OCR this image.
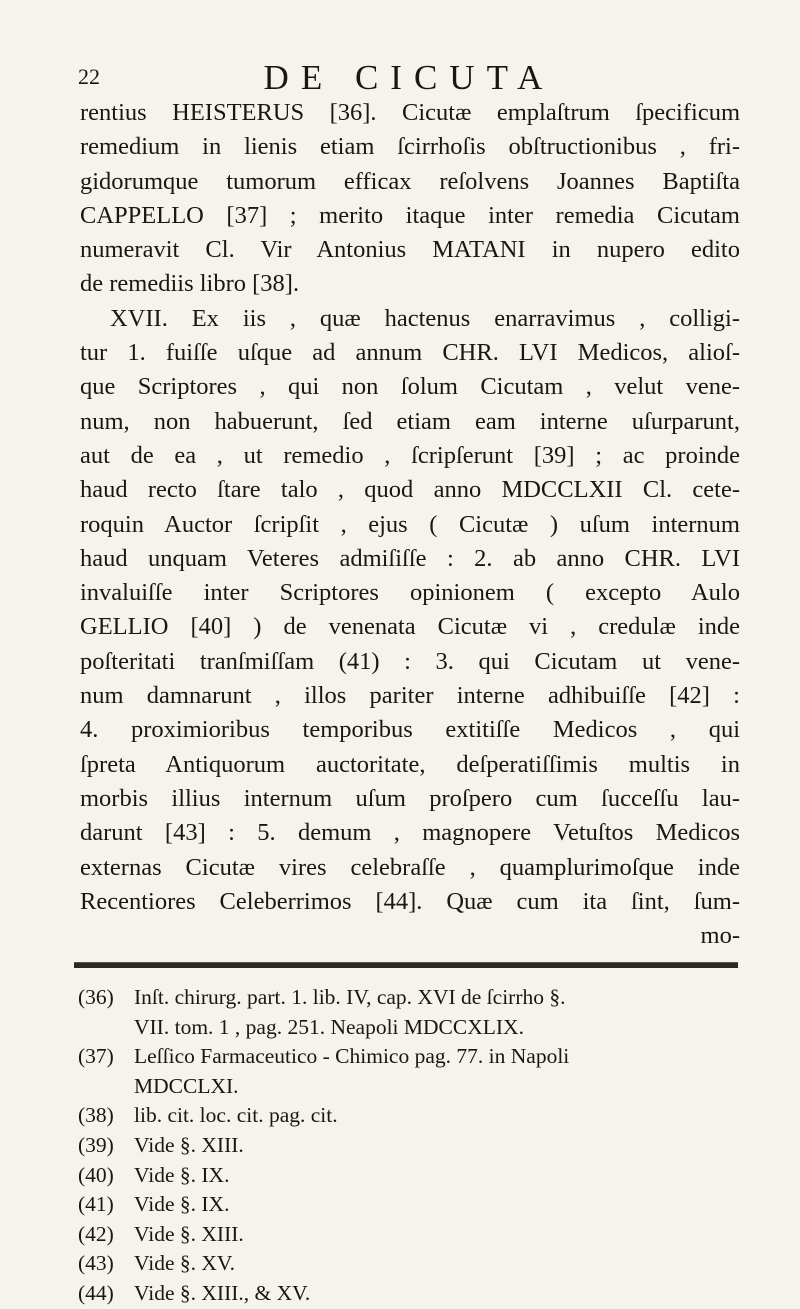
22	DE CICUTA
rentius HEISTERUS [36]. Cicutæ emplaſtrum ſpecificum
remedium in lienis etiam ſcirrhoſis obſtructionibus , fri-
gidorumque tumorum efficax reſolvens Joannes Baptiſta
CAPPELLO [37] ; merito itaque inter remedia Cicutam
numeravit Cl. Vir Antonius MATANI in nupero edito
de remediis libro [38].
XVII. Ex iis , quæ hactenus enarravimus , colligi-
tur 1. fuiſſe uſque ad annum CHR. LVI Medicos, alioſ-
que Scriptores , qui non ſolum Cicutam , velut vene-
num, non habuerunt, ſed etiam eam interne uſurparunt,
aut de ea , ut remedio , ſcripſerunt [39] ; ac proinde
haud recto ſtare talo , quod anno MDCCLXII Cl. cete-
roquin Auctor ſcripſit , ejus ( Cicutæ ) uſum internum
haud unquam Veteres admiſiſſe : 2. ab anno CHR. LVI
invaluiſſe inter Scriptores opinionem ( excepto Aulo
GELLIO [40] ) de venenata Cicutæ vi , credulæ inde
poſteritati tranſmiſſam (41) : 3. qui Cicutam ut vene-
num damnarunt , illos pariter interne adhibuiſſe [42] :
4. proximioribus temporibus extitiſſe Medicos , qui
ſpreta Antiquorum auctoritate, deſperatiſſimis multis in
morbis illius internum uſum proſpero cum ſucceſſu lau-
darunt [43] : 5. demum , magnopere Vetuſtos Medicos
externas Cicutæ vires celebraſſe , quamplurimoſque inde
Recentiores Celeberrimos [44]. Quæ cum ita ſint, ſum-
mo-
(36) Inſt. chirurg. part. 1. lib. IV, cap. XVI de ſcirrho §.
VII. tom. 1 , pag. 251. Neapoli MDCCXLIX.
(37) Leſſico Farmaceutico - Chimico pag. 77. in Napoli
MDCCLXI.
(38) lib. cit. loc. cit. pag. cit.
(39) Vide §. XIII.
(40) Vide §. IX.
(41) Vide §. IX.
(42) Vide §. XIII.
(43) Vide §. XV.
(44) Vide §. XIII., & XV.
